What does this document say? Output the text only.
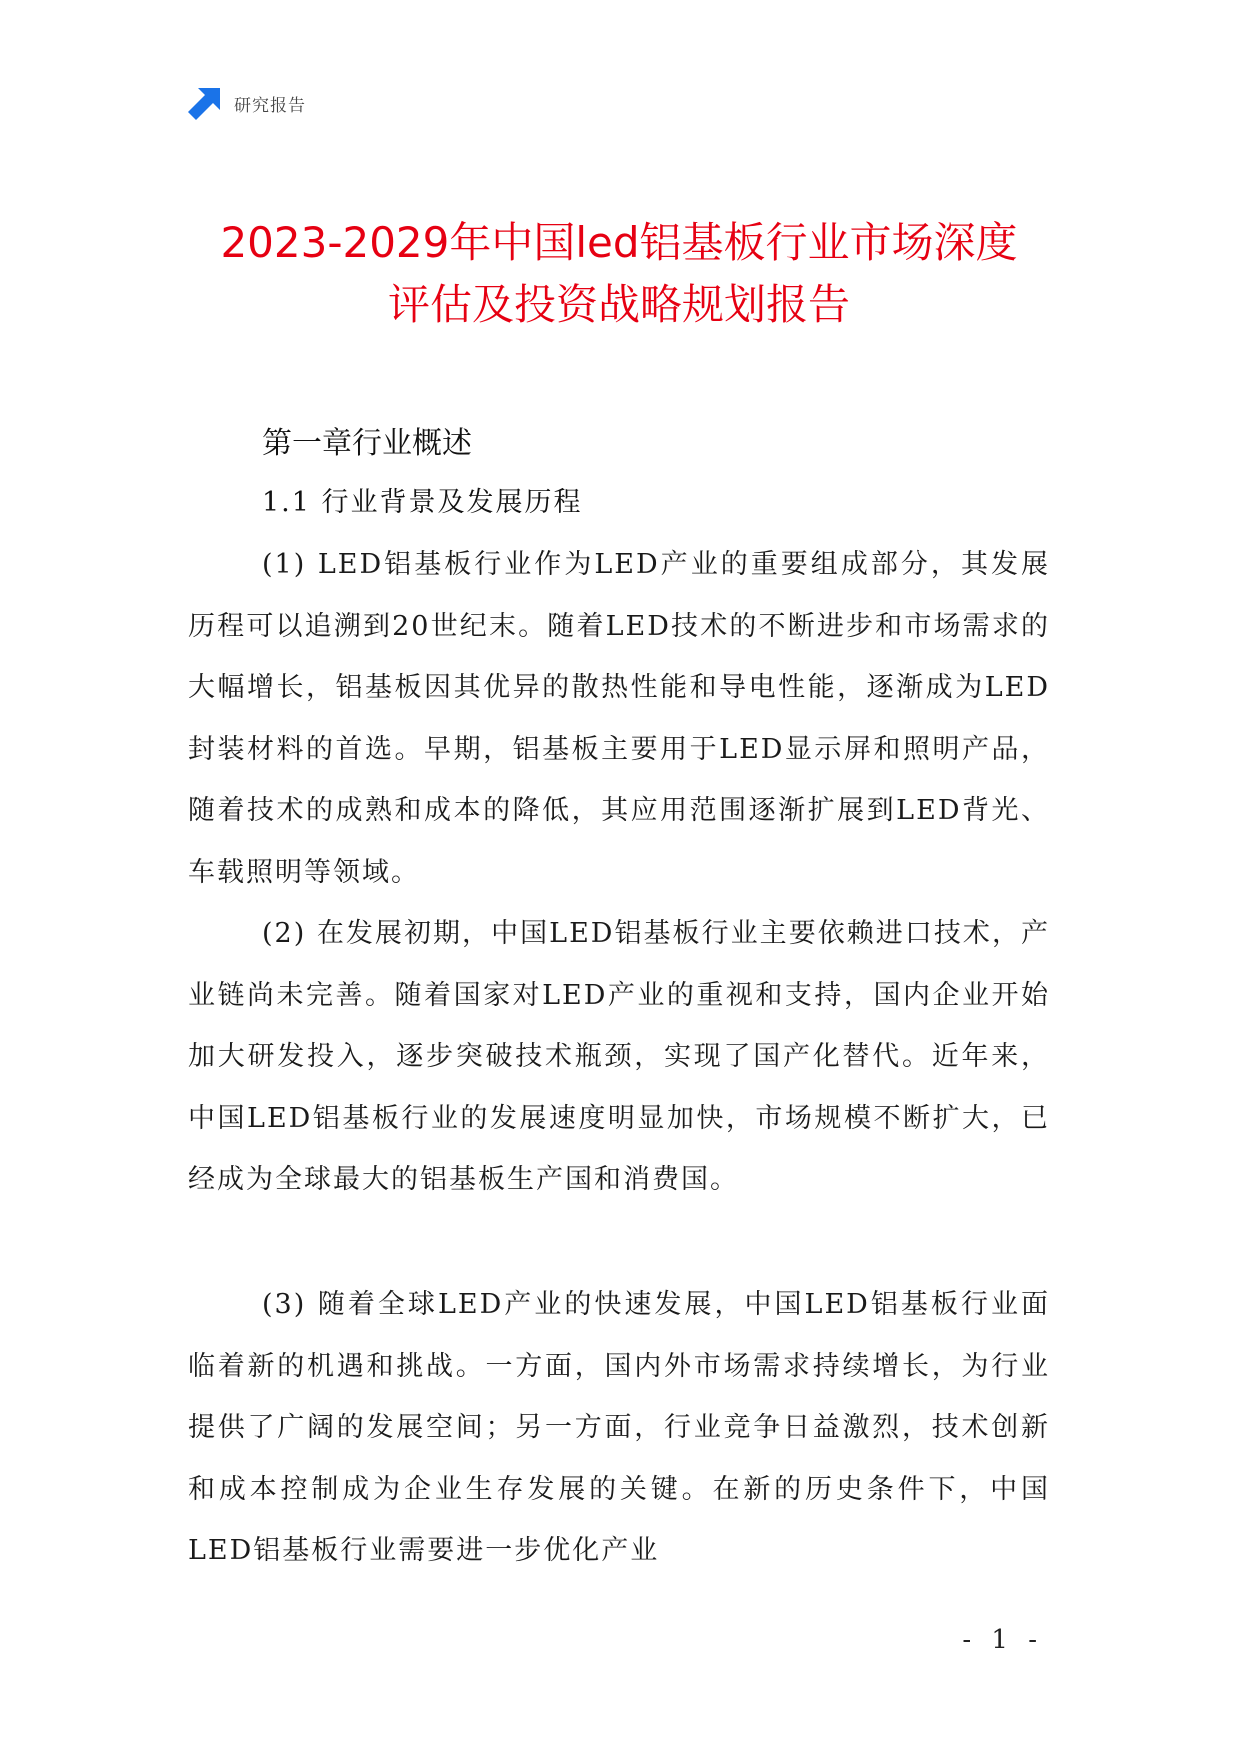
研究报告
2023-2029年中国led铝基板行业市场深度
评估及投资战略规划报告
第一章行业概述
1.1 行业背景及发展历程

(1) LED铝基板行业作为LED产业的重要组成部分，其发展历程可以追溯到20世纪末。随着LED技术的不断进步和市场需求的大幅增长，铝基板因其优异的散热性能和导电性能，逐渐成为LED封装材料的首选。早期，铝基板主要用于LED显示屏和照明产品，随着技术的成熟和成本的降低，其应用范围逐渐扩展到LED背光、车载照明等领域。

(2) 在发展初期，中国LED铝基板行业主要依赖进口技术，产业链尚未完善。随着国家对LED产业的重视和支持，国内企业开始加大研发投入，逐步突破技术瓶颈，实现了国产化替代。近年来，中国LED铝基板行业的发展速度明显加快，市场规模不断扩大，已经成为全球最大的铝基板生产国和消费国。

(3) 随着全球LED产业的快速发展，中国LED铝基板行业面临着新的机遇和挑战。一方面，国内外市场需求持续增长，为行业提供了广阔的发展空间；另一方面，行业竞争日益激烈，技术创新和成本控制成为企业生存发展的关键。在新的历史条件下，中国LED铝基板行业需要进一步优化产业

- 1 -
